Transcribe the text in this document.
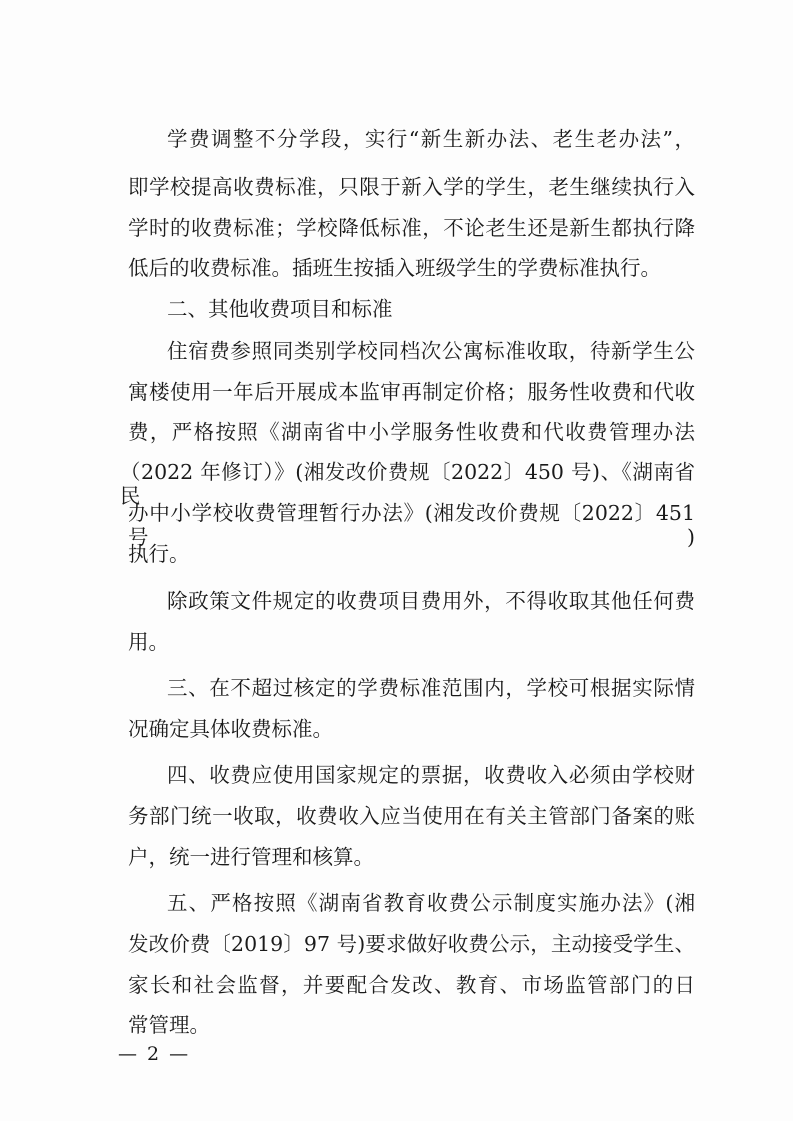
学费调整不分学段，实行“新生新办法、老生老办法”，
即学校提高收费标准，只限于新入学的学生，老生继续执行入
学时的收费标准；学校降低标准，不论老生还是新生都执行降
低后的收费标准。插班生按插入班级学生的学费标准执行。
二、其他收费项目和标准
住宿费参照同类别学校同档次公寓标准收取，待新学生公
寓楼使用一年后开展成本监审再制定价格；服务性收费和代收
费，严格按照《湖南省中小学服务性收费和代收费管理办法
（2022 年修订）》(湘发改价费规〔2022〕450 号)、《湖南省民
办中小学校收费管理暂行办法》(湘发改价费规〔2022〕451 号)
执行。
除政策文件规定的收费项目费用外，不得收取其他任何费
用。
三、在不超过核定的学费标准范围内，学校可根据实际情
况确定具体收费标准。
四、收费应使用国家规定的票据，收费收入必须由学校财
务部门统一收取，收费收入应当使用在有关主管部门备案的账
户，统一进行管理和核算。
五、严格按照《湖南省教育收费公示制度实施办法》(湘
发改价费〔2019〕97 号)要求做好收费公示，主动接受学生、
家长和社会监督，并要配合发改、教育、市场监管部门的日
常管理。
— 2 —
